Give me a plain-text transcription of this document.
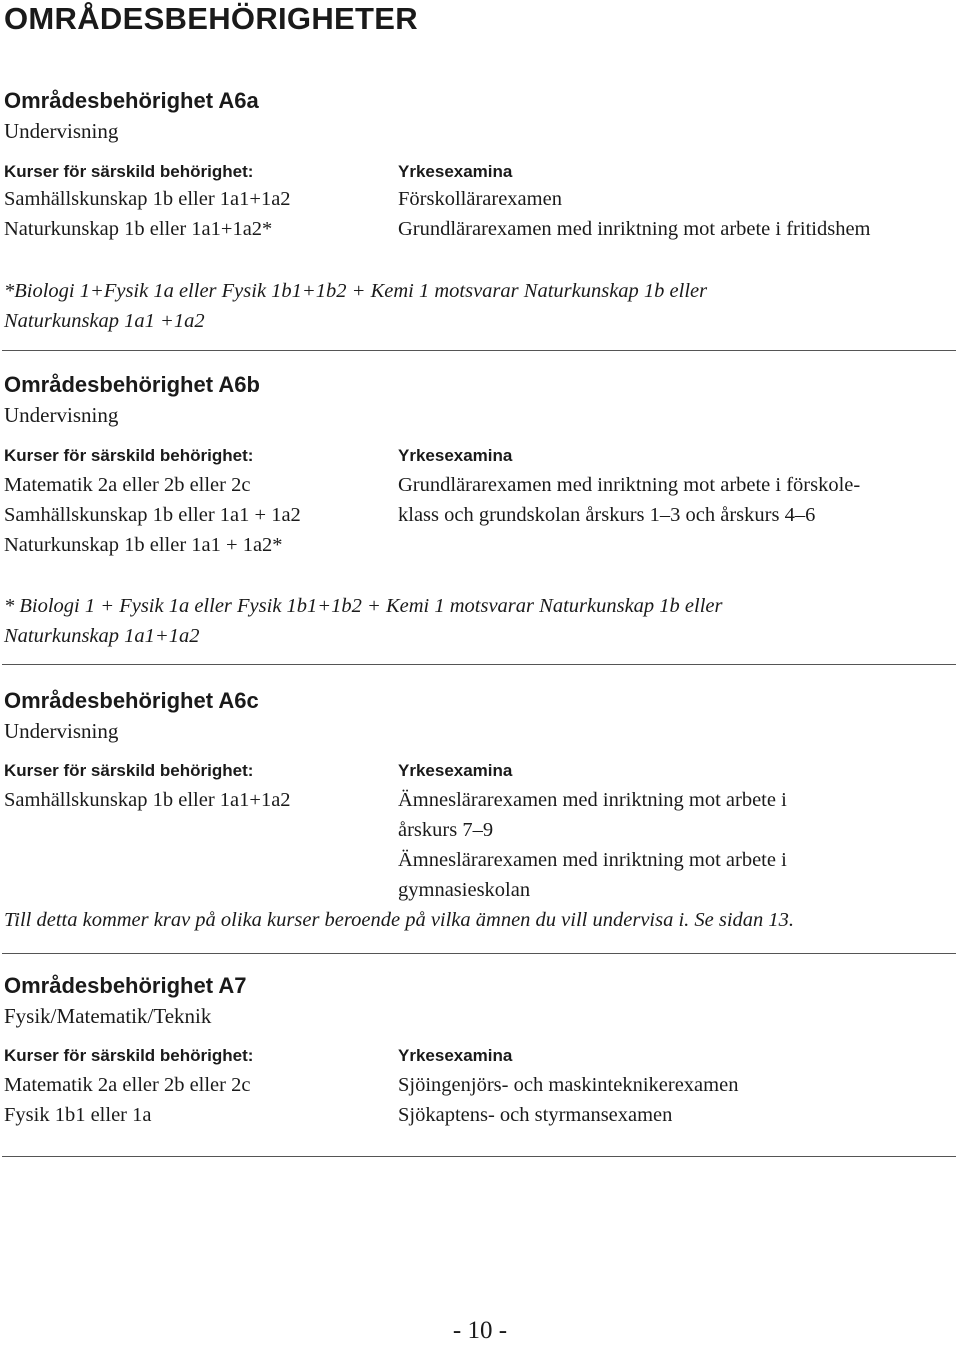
OMRÅDESBEHÖRIGHETER
Områdesbehörighet A6a
Undervisning
Kurser för särskild behörighet:
Samhällskunskap 1b eller 1a1+1a2
Naturkunskap 1b eller 1a1+1a2*
Yrkesexamina
Förskollärarexamen
Grundlärarexamen med inriktning mot arbete i fritidshem
*Biologi 1+Fysik 1a eller Fysik 1b1+1b2 + Kemi 1 motsvarar Naturkunskap 1b eller
Naturkunskap 1a1 +1a2
Områdesbehörighet A6b
Undervisning
Kurser för särskild behörighet:
Matematik 2a eller 2b eller 2c
Samhällskunskap 1b eller 1a1 + 1a2
Naturkunskap 1b eller 1a1 + 1a2*
Yrkesexamina
Grundlärarexamen med inriktning mot arbete i förskole-
klass och grundskolan årskurs 1–3 och årskurs 4–6
* Biologi 1 + Fysik 1a eller Fysik 1b1+1b2 + Kemi 1 motsvarar Naturkunskap 1b eller
Naturkunskap 1a1+1a2
Områdesbehörighet A6c
Undervisning
Kurser för särskild behörighet:
Samhällskunskap 1b eller 1a1+1a2
Yrkesexamina
Ämneslärarexamen med inriktning mot arbete i
årskurs 7–9
Ämneslärarexamen med inriktning mot arbete i
gymnasieskolan
Till detta kommer krav på olika kurser beroende på vilka ämnen du vill undervisa i. Se sidan 13.
Områdesbehörighet A7
Fysik/Matematik/Teknik
Kurser för särskild behörighet:
Matematik 2a eller 2b eller 2c
Fysik 1b1 eller 1a
Yrkesexamina
Sjöingenjörs- och maskinteknikerexamen
Sjökaptens- och styrmansexamen
- 10 -
